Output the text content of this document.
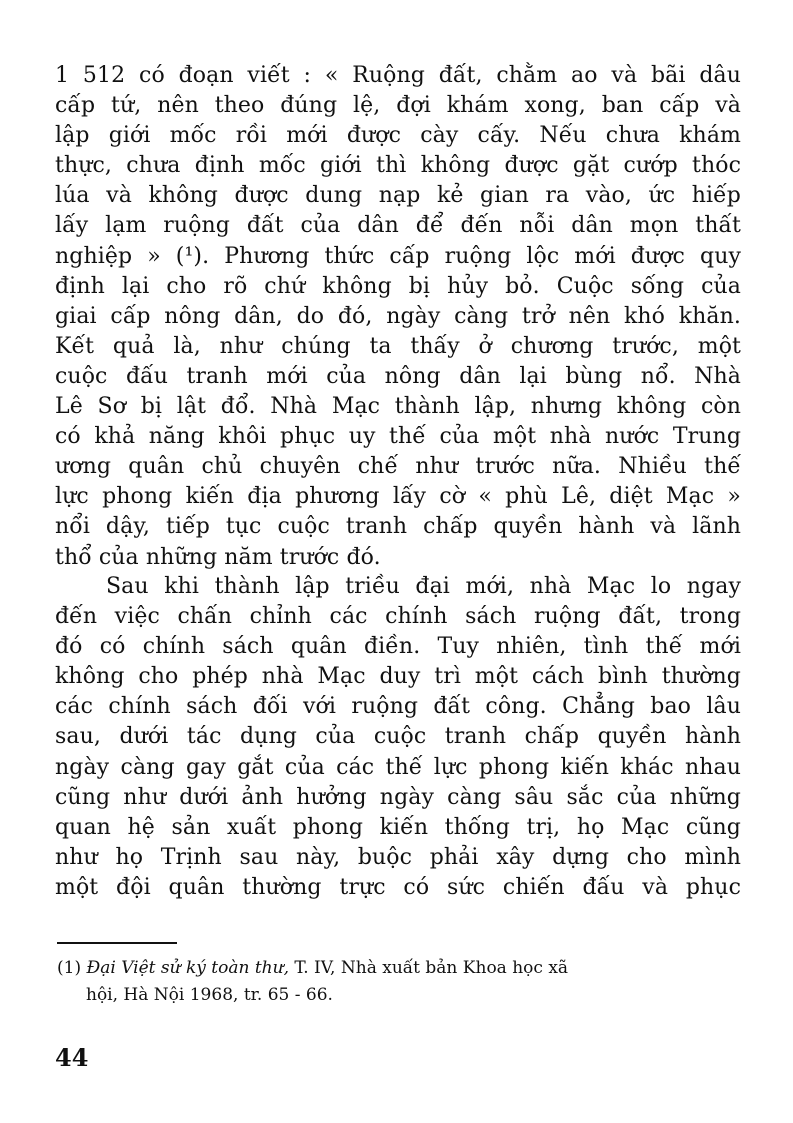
1 512 có đoạn viết : « Ruộng đất, chằm ao và bãi dâu
cấp tứ, nên theo đúng lệ, đợi khám xong, ban cấp và
lập giới mốc rồi mới được cày cấy. Nếu chưa khám
thực, chưa định mốc giới thì không được gặt cướp thóc
lúa và không được dung nạp kẻ gian ra vào, ức hiếp
lấy lạm ruộng đất của dân để đến nỗi dân mọn thất
nghiệp » (¹). Phương thức cấp ruộng lộc mới được quy
định lại cho rõ chứ không bị hủy bỏ. Cuộc sống của
giai cấp nông dân, do đó, ngày càng trở nên khó khăn.
Kết quả là, như chúng ta thấy ở chương trước, một
cuộc đấu tranh mới của nông dân lại bùng nổ. Nhà
Lê Sơ bị lật đổ. Nhà Mạc thành lập, nhưng không còn
có khả năng khôi phục uy thế của một nhà nước Trung
ương quân chủ chuyên chế như trước nữa. Nhiều thế
lực phong kiến địa phương lấy cờ « phù Lê, diệt Mạc »
nổi dậy, tiếp tục cuộc tranh chấp quyền hành và lãnh
thổ của những năm trước đó.
Sau khi thành lập triều đại mới, nhà Mạc lo ngay
đến việc chấn chỉnh các chính sách ruộng đất, trong
đó có chính sách quân điền. Tuy nhiên, tình thế mới
không cho phép nhà Mạc duy trì một cách bình thường
các chính sách đối với ruộng đất công. Chẳng bao lâu
sau, dưới tác dụng của cuộc tranh chấp quyền hành
ngày càng gay gắt của các thế lực phong kiến khác nhau
cũng như dưới ảnh hưởng ngày càng sâu sắc của những
quan hệ sản xuất phong kiến thống trị, họ Mạc cũng
như họ Trịnh sau này, buộc phải xây dựng cho mình
một đội quân thường trực có sức chiến đấu và phục
(1) Đại Việt sử ký toàn thư, T. IV, Nhà xuất bản Khoa học xã
hội, Hà Nội 1968, tr. 65 - 66.
44
